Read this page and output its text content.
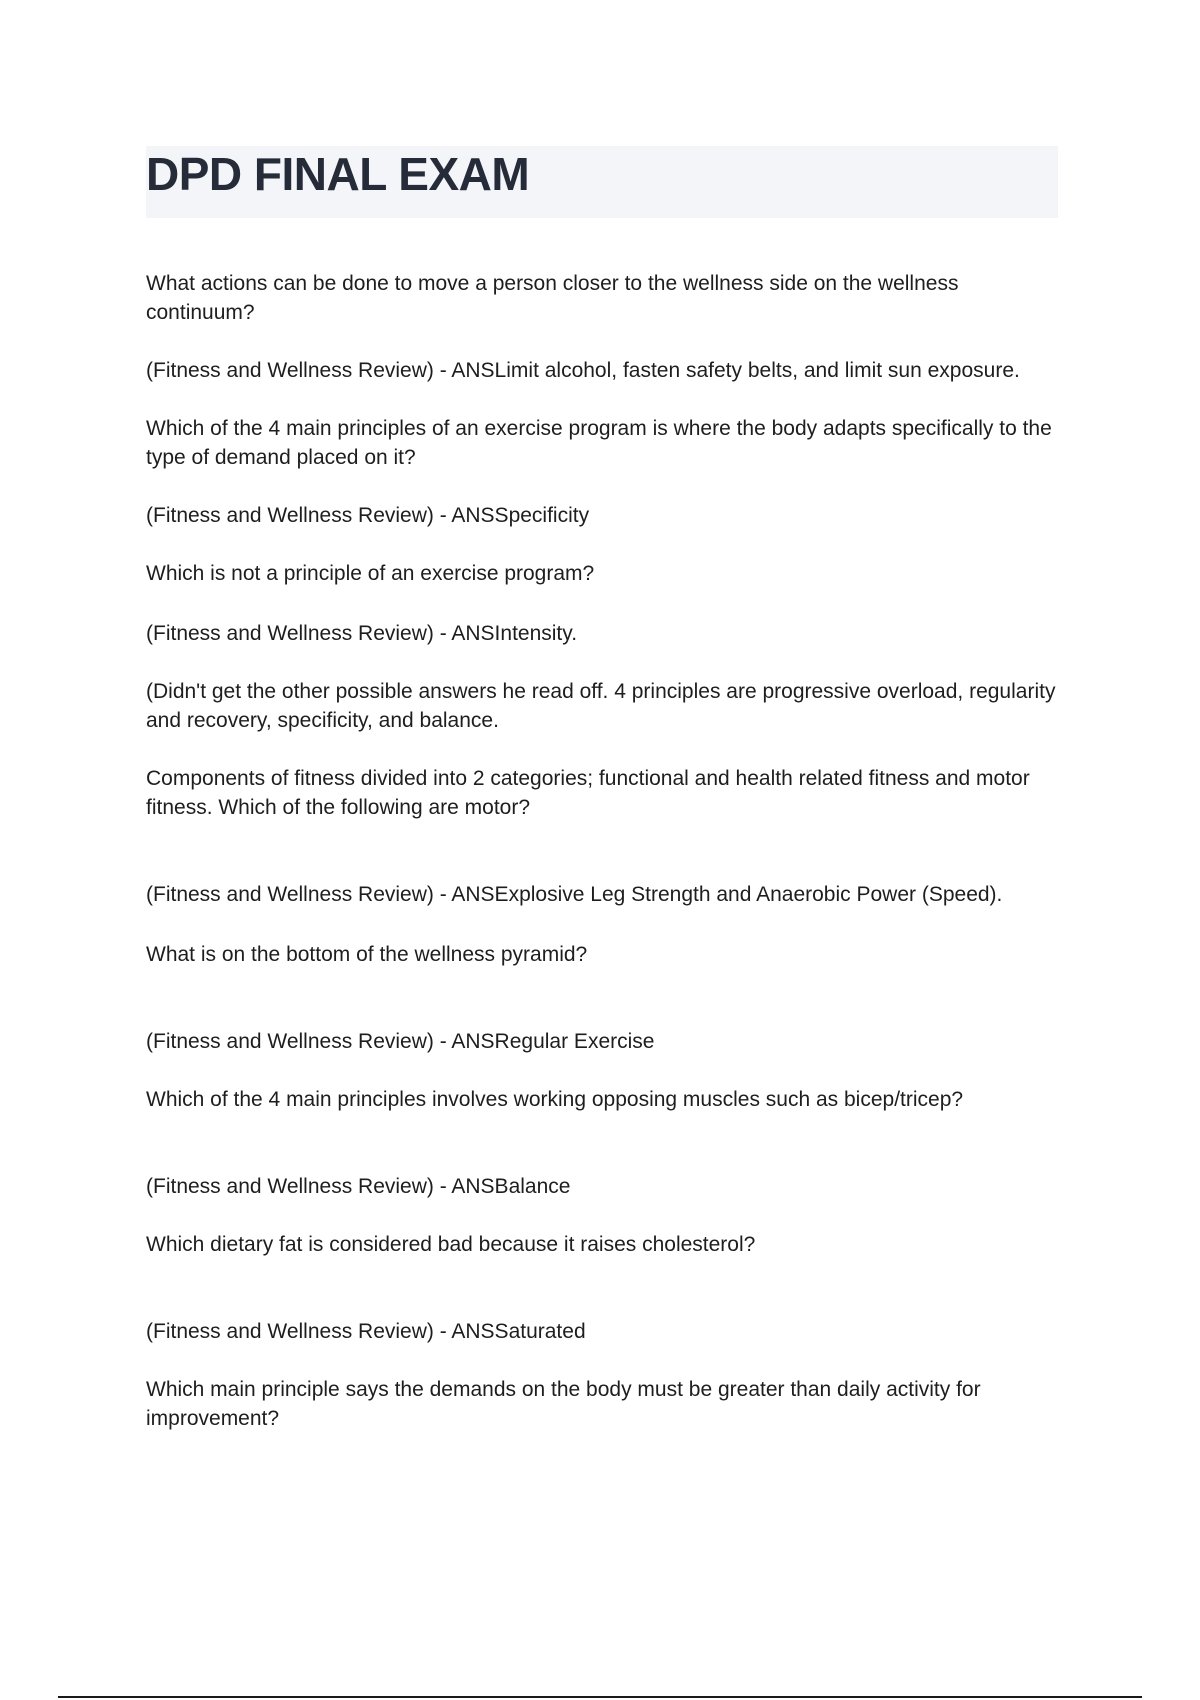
DPD FINAL EXAM

What actions can be done to move a person closer to the wellness side on the wellness continuum?

(Fitness and Wellness Review) - ANSLimit alcohol, fasten safety belts, and limit sun exposure.

Which of the 4 main principles of an exercise program is where the body adapts specifically to the type of demand placed on it?

(Fitness and Wellness Review) - ANSSpecificity

Which is not a principle of an exercise program?

(Fitness and Wellness Review) - ANSIntensity.

(Didn't get the other possible answers he read off. 4 principles are progressive overload, regularity and recovery, specificity, and balance.

Components of fitness divided into 2 categories; functional and health related fitness and motor fitness. Which of the following are motor?

(Fitness and Wellness Review) - ANSExplosive Leg Strength and Anaerobic Power (Speed).

What is on the bottom of the wellness pyramid?

(Fitness and Wellness Review) - ANSRegular Exercise

Which of the 4 main principles involves working opposing muscles such as bicep/tricep?

(Fitness and Wellness Review) - ANSBalance

Which dietary fat is considered bad because it raises cholesterol?

(Fitness and Wellness Review) - ANSSaturated

Which main principle says the demands on the body must be greater than daily activity for improvement?
